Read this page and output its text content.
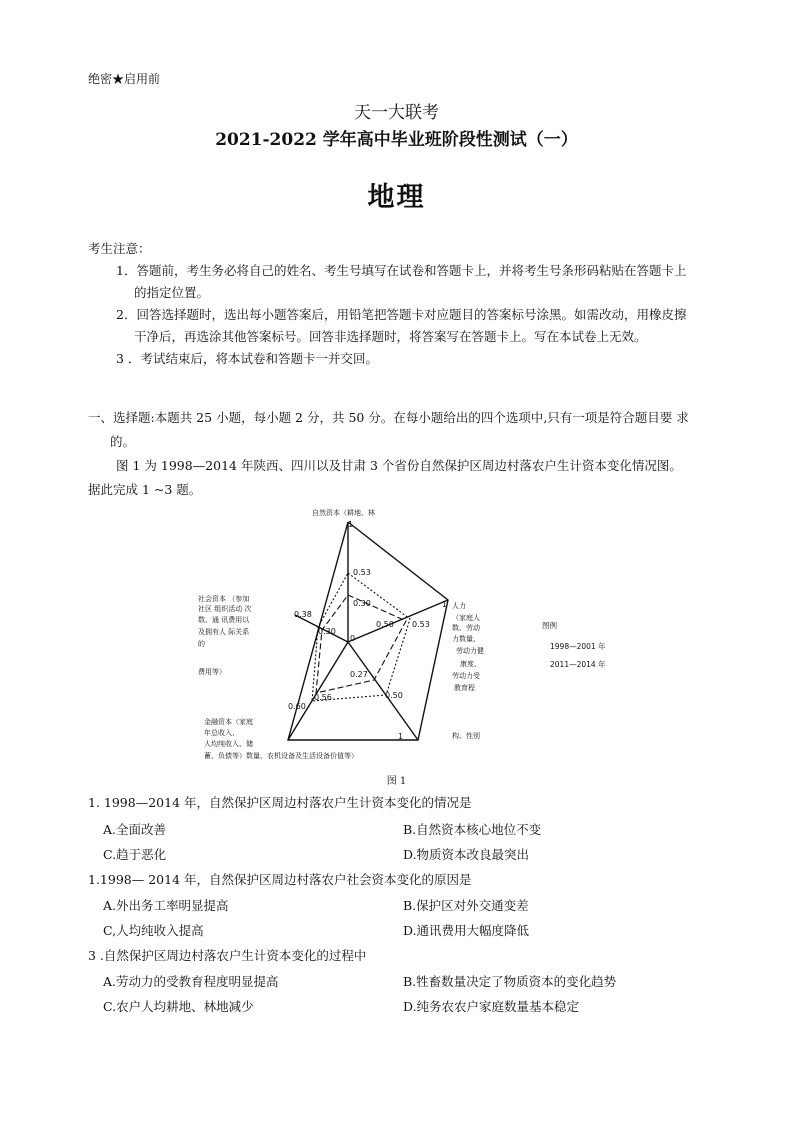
绝密★启用前
天一大联考
2021-2022 学年高中毕业班阶段性测试（一）
地理
考生注意：
1．答题前，考生务必将自己的姓名、考生号填写在试卷和答题卡上，并将考生号条形码粘贴在答题卡上
的指定位置。
2．回答选择题时，选出每小题答案后，用铅笔把答题卡对应题目的答案标号涂黑。如需改动，用橡皮擦
干净后，再选涂其他答案标号。回答非选择题时，将答案写在答题卡上。写在本试卷上无效。
3 ．考试结束后，将本试卷和答题卡一并交回。
一、选择题:本题共 25 小题，每小题 2 分，共 50 分。在每小题给出的四个选项中,只有一项是符合题目要 求
的。
图 1 为 1998—2014 年陕西、四川以及甘肃 3 个省份自然保护区周边村落农户生计资本变化情况图。
据此完成 1 ~3 题。
1
1
1
0
0.53
0.30
0.53
0.50
0.50
0.27
0.60
0.56
0.38
0.30
自然资本（耕地、林
人力
（家庭人
数、劳动
力数量、
劳动力健
康度、
劳动力受
教育程
构、性别
社会资本 （参加
社区 组织活动 次
数、通 讯费用以
及拥有人 际关系
的
费用等）
金融资本（家庭
年总收入、
人均纯收入、储
蓄、负债等）数量、农机设备及生活设备价值等）
图例
1998—2001 年
2011—2014 年
图 1
1. 1998—2014 年，自然保护区周边村落农户生计资本变化的情况是
A.全面改善	B.自然资本核心地位不变
C.趋于恶化	D.物质资本改良最突出
1.1998— 2014 年，自然保护区周边村落农户社会资本变化的原因是
A.外出务工率明显提高	B.保护区对外交通变差
C,人均纯收入提高	D.通讯费用大幅度降低
3 .自然保护区周边村落农户生计资本变化的过程中
A.劳动力的受教育程度明显提高	B.牲畜数量决定了物质资本的变化趋势
C.农户人均耕地、林地减少	D.纯务农农户家庭数量基本稳定
